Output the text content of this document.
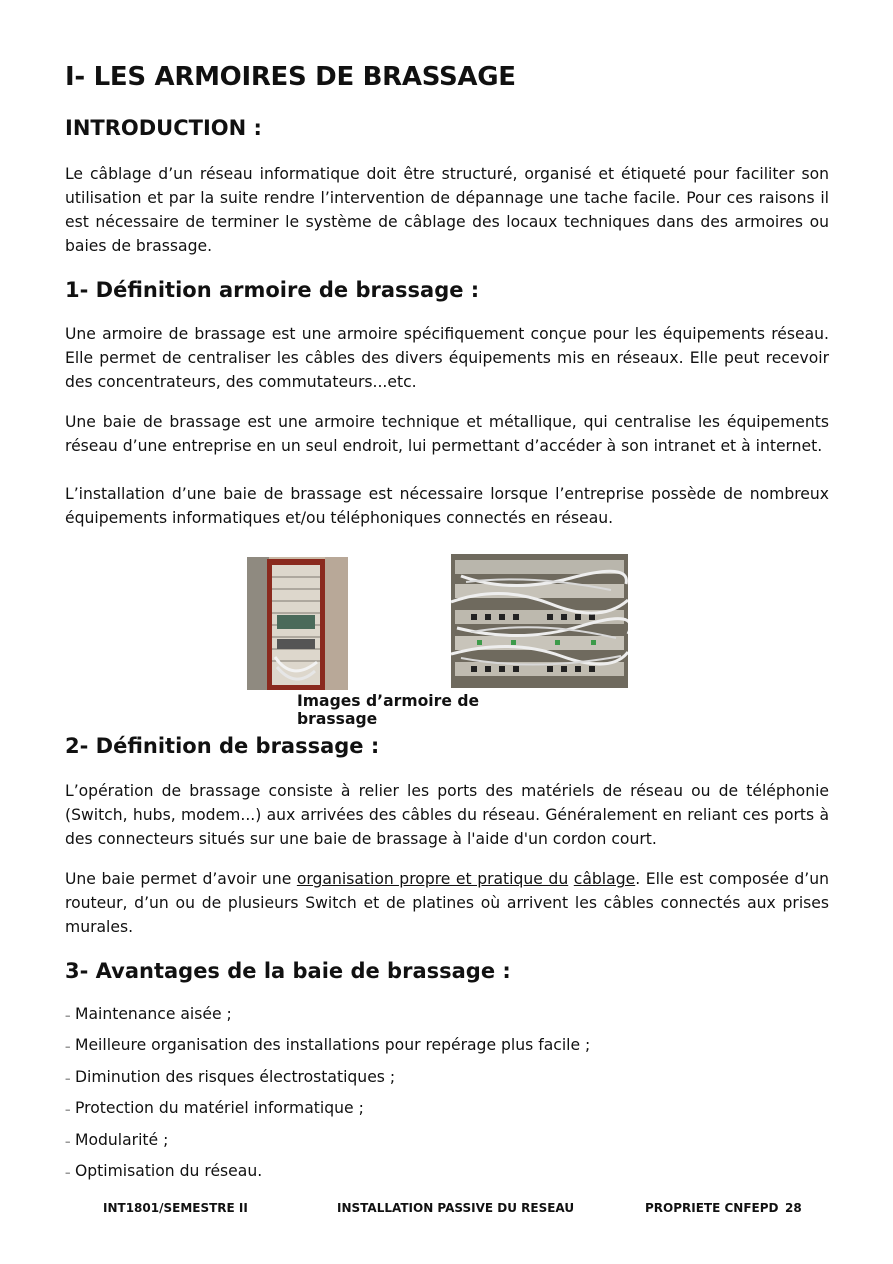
I- LES ARMOIRES DE BRASSAGE
INTRODUCTION :

Le câblage d’un réseau informatique doit être structuré, organisé et étiqueté pour faciliter son utilisation et par la suite rendre l’intervention de dépannage une tache facile. Pour ces raisons il est nécessaire de terminer le système de câblage des locaux techniques dans des armoires ou baies de brassage.

1- Définition armoire de brassage :

Une armoire de brassage est une armoire spécifiquement conçue pour les équipements réseau. Elle permet de centraliser les câbles des divers équipements mis en réseaux. Elle peut recevoir des concentrateurs, des commutateurs...etc.

Une baie de brassage est une armoire technique et métallique, qui centralise les équipements réseau d’une entreprise en un seul endroit, lui permettant d’accéder à son intranet et à internet.

L’installation d’une baie de brassage est nécessaire lorsque l’entreprise possède de nombreux équipements informatiques et/ou téléphoniques connectés en réseau.

Images d’armoire de brassage
2- Définition de brassage :

L’opération de brassage consiste à relier les ports des matériels de réseau ou de téléphonie (Switch, hubs, modem...) aux arrivées des câbles du réseau. Généralement en reliant ces ports à des connecteurs situés sur une baie de brassage à l'aide d'un cordon court.

Une baie permet d’avoir une organisation propre et pratique du câblage. Elle est composée d’un routeur, d’un ou de plusieurs Switch et de platines où arrivent les câbles connectés aux prises murales.

3- Avantages de la baie de brassage :
– Maintenance aisée ;
– Meilleure organisation des installations pour repérage plus facile ;
– Diminution des risques électrostatiques ;
– Protection du matériel informatique ;
– Modularité ;
– Optimisation du réseau.
INT1801/SEMESTRE II	INSTALLATION PASSIVE DU RESEAU	PROPRIETE CNFEPD 28
